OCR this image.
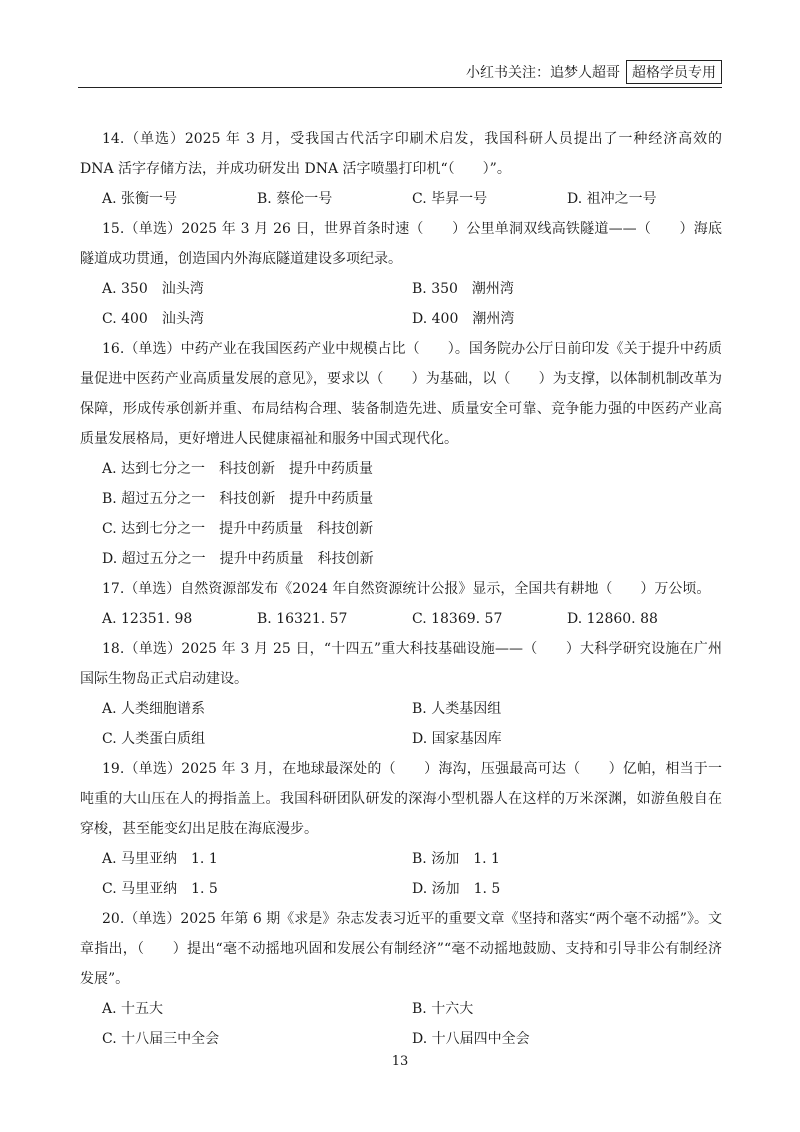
小红书关注：追梦人超哥 超格学员专用

14.（单选）2025 年 3 月，受我国古代活字印刷术启发，我国科研人员提出了一种经济高效的 DNA 活字存储方法，并成功研发出 DNA 活字喷墨打印机“（　　）”。

A. 张衡一号	B. 蔡伦一号	C. 毕昇一号	D. 祖冲之一号

15.（单选）2025 年 3 月 26 日，世界首条时速（　　）公里单洞双线高铁隧道——（　　）海底隧道成功贯通，创造国内外海底隧道建设多项纪录。

A. 350　汕头湾	B. 350　潮州湾
C. 400　汕头湾	D. 400　潮州湾

16.（单选）中药产业在我国医药产业中规模占比（　　）。国务院办公厅日前印发《关于提升中药质量促进中医药产业高质量发展的意见》，要求以（　　）为基础，以（　　）为支撑，以体制机制改革为保障，形成传承创新并重、布局结构合理、装备制造先进、质量安全可靠、竞争能力强的中医药产业高质量发展格局，更好增进人民健康福祉和服务中国式现代化。

A. 达到七分之一　科技创新　提升中药质量
B. 超过五分之一　科技创新　提升中药质量
C. 达到七分之一　提升中药质量　科技创新
D. 超过五分之一　提升中药质量　科技创新

17.（单选）自然资源部发布《2024 年自然资源统计公报》显示，全国共有耕地（　　）万公顷。

A. 12351. 98	B. 16321. 57	C. 18369. 57	D. 12860. 88

18.（单选）2025 年 3 月 25 日，“十四五”重大科技基础设施——（　　）大科学研究设施在广州国际生物岛正式启动建设。

A. 人类细胞谱系	B. 人类基因组
C. 人类蛋白质组	D. 国家基因库

19.（单选）2025 年 3 月，在地球最深处的（　　）海沟，压强最高可达（　　）亿帕，相当于一吨重的大山压在人的拇指盖上。我国科研团队研发的深海小型机器人在这样的万米深渊，如游鱼般自在穿梭，甚至能变幻出足肢在海底漫步。

A. 马里亚纳　1. 1	B. 汤加　1. 1
C. 马里亚纳　1. 5	D. 汤加　1. 5

20.（单选）2025 年第 6 期《求是》杂志发表习近平的重要文章《坚持和落实“两个毫不动摇”》。文章指出，（　　）提出“毫不动摇地巩固和发展公有制经济”“毫不动摇地鼓励、支持和引导非公有制经济发展”。

A. 十五大	B. 十六大
C. 十八届三中全会	D. 十八届四中全会
13
